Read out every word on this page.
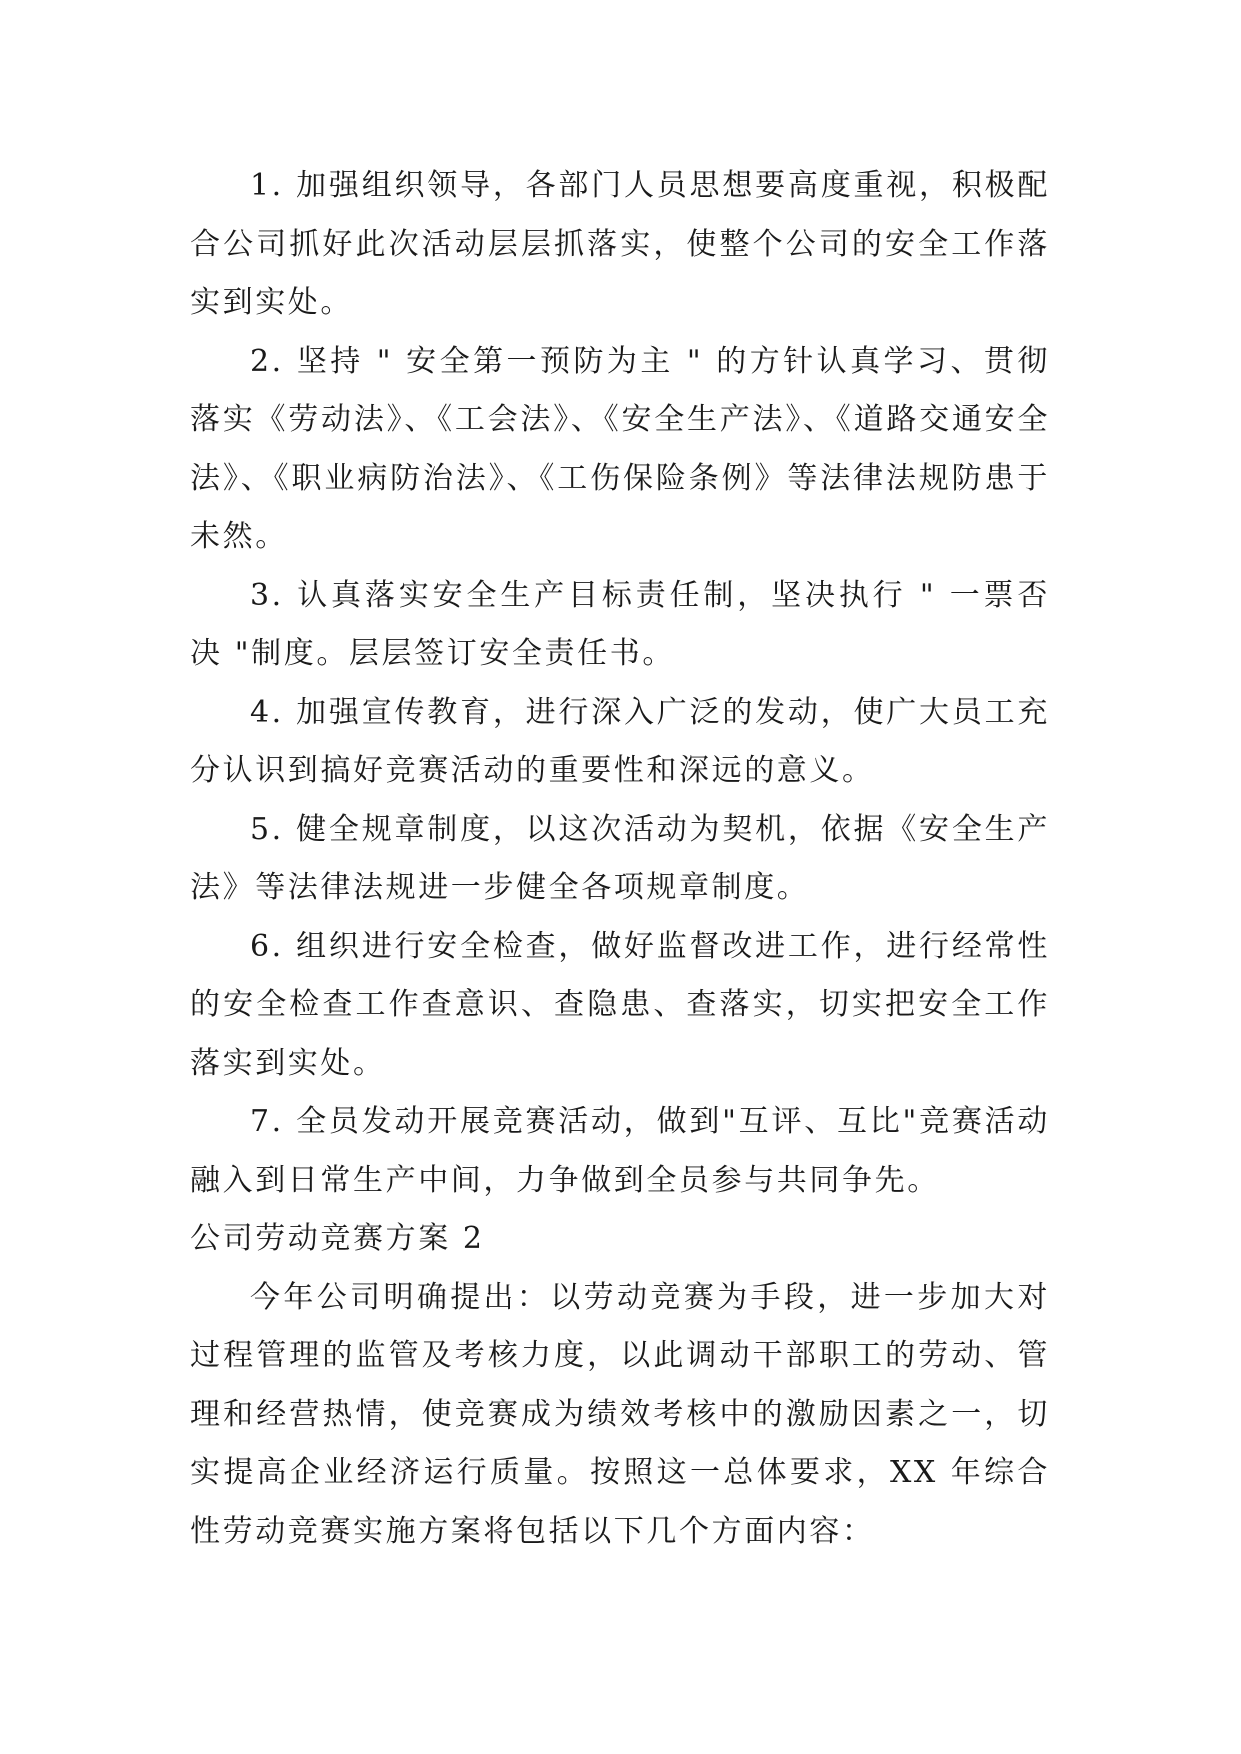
1. 加强组织领导，各部门人员思想要高度重视，积极配合公司抓好此次活动层层抓落实，使整个公司的安全工作落实到实处。

2. 坚持 " 安全第一预防为主 " 的方针认真学习、贯彻落实《劳动法》、《工会法》、《安全生产法》、《道路交通安全法》、《职业病防治法》、《工伤保险条例》等法律法规防患于未然。

3. 认真落实安全生产目标责任制，坚决执行 " 一票否决 "制度。层层签订安全责任书。

4. 加强宣传教育，进行深入广泛的发动，使广大员工充分认识到搞好竞赛活动的重要性和深远的意义。

5. 健全规章制度，以这次活动为契机，依据《安全生产法》等法律法规进一步健全各项规章制度。

6. 组织进行安全检查，做好监督改进工作，进行经常性的安全检查工作查意识、查隐患、查落实，切实把安全工作落实到实处。

7. 全员发动开展竞赛活动，做到"互评、互比"竞赛活动融入到日常生产中间，力争做到全员参与共同争先。

公司劳动竞赛方案 2

今年公司明确提出：以劳动竞赛为手段，进一步加大对过程管理的监管及考核力度，以此调动干部职工的劳动、管理和经营热情，使竞赛成为绩效考核中的激励因素之一，切实提高企业经济运行质量。按照这一总体要求，XX 年综合性劳动竞赛实施方案将包括以下几个方面内容：
